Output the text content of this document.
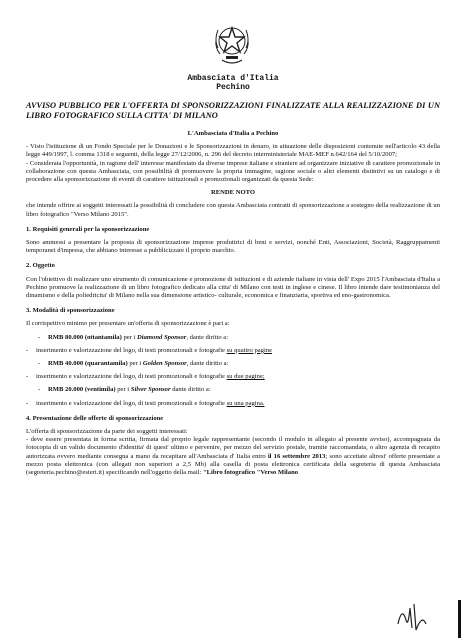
Ambasciata d'Italia
Pechino
AVVISO PUBBLICO PER L'OFFERTA DI SPONSORIZZAZIONI FINALIZZATE ALLA REALIZZAZIONE DI UN LIBRO FOTOGRAFICO SULLA CITTA' DI MILANO

L'Ambasciata d'Italia a Pechino

- Visto l'istituzione di un Fondo Speciale per le Donazioni e le Sponsorizzazioni in denaro, in attuazione delle disposizioni contenute nell'articolo 43 della legge 449/1997, l. comma 1318 e seguenti, della legge 27/12/2006, n. 296 del decreto interministeriale MAE-MEF n.642/164 del 5/10/2007;

- Considerata l'opportunità, in ragione dell' interesse manifestato da diverse imprese italiane e straniere ad organizzare iniziative di carattere promozionale in collaborazione con questa Ambasciata, con possibilità di promuovere la propria immagine, ragione sociale o altri elementi distintivi su un catalogo e di procedere alla sponsorizzazione di eventi di carattere istituzionali e promozionali organizzati da questa Sede:

RENDE NOTO

che intende offrire ai soggetti interessati la possibilità di concludere con questa Ambasciata contratti di sponsorizzazione a sostegno della realizzazione di un libro fotografico "Verso Milano 2015".

1. Requisiti generali per la sponsorizzazione

Sono ammessi a presentare la proposta di sponsorizzazione imprese produttrici di beni e servizi, nonché Enti, Associazioni, Società, Raggruppamenti temporanei d'impresa, che abbiano interesse a pubblicizzare il proprio marchio.

2. Oggetto

Con l'obiettivo di realizzare uno strumento di comunicazione e promozione di istituzioni e di aziende italiane in vista dell' Expo 2015 l'Ambasciata d'Italia a Pechino promuove la realizzazione di un libro fotografico dedicato alla citta' di Milano con testi in inglese e cinese. Il libro intende dare testimonianza del dinamismo e della poliedricita' di Milano nella sua dimensione artistico- culturale, economica e finanziaria, sportiva ed eno-gastronomica.

3. Modalità di sponsorizzazione

Il corrispettivo minimo per presentare un'offerta di sponsorizzazione è pari a:

- RMB 80.000 (ottantamila) per i Diamond Sponsor, dante diritto a:

- inserimento e valorizzazione del logo, di testi promozionali e fotografie su quattro pagine

- RMB 40.000 (quarantamila) per i Golden Sponsor, dante diritto a:

- inserimento e valorizzazione del logo, di testi promozionali e fotografie su due pagine;

- RMB 20.000 (ventimila) per i Silver Sponsor dante diritto a:

- inserimento e valorizzazione del logo, di testi promozionali e fotografie su una pagina.

4. Presentazione delle offerte di sponsorizzazione

L'offerta di sponsorizzazione da parte dei soggetti interessati:

- deve essere presentata in forma scritta, firmata dal proprio legale rappresentante (secondo il modulo in allegato al presente avviso), accompagnata da fotocopia di un valido documento d'identita' di quest' ultimo e pervenire, per mezzo del servizio postale, tramite raccomandata, o altro agenzia di recapito autorizzata ovvero mediante consegna a mano da recapitare all'Ambasciata d' Italia entro il 16 settembre 2013; sono accettate altresi' offerte presentate a mezzo posta elettronica (con allegati non superiori a 2,5 Mb) alla casella di posta elettronica certificata della segreteria di questa Ambasciata (segreteria.pechino@esteri.it) specificando nell'oggetto della mail: "Libro fotografico "Verso Milano
